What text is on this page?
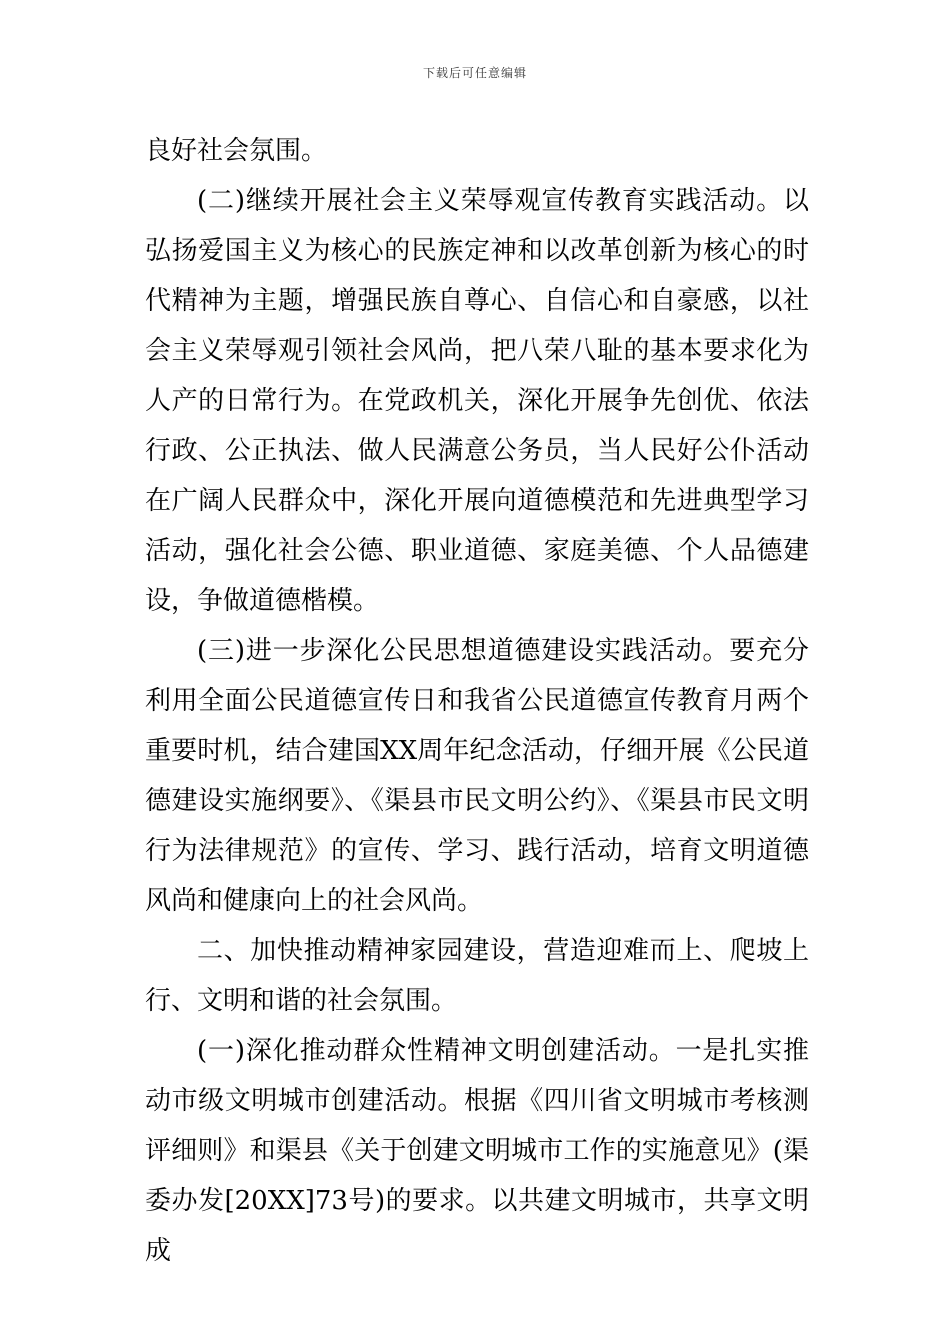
下载后可任意编辑

良好社会氛围。

(二)继续开展社会主义荣辱观宣传教育实践活动。以弘扬爱国主义为核心的民族定神和以改革创新为核心的时代精神为主题，增强民族自尊心、自信心和自豪感，以社会主义荣辱观引领社会风尚，把八荣八耻的基本要求化为人产的日常行为。在党政机关，深化开展争先创优、依法行政、公正执法、做人民满意公务员，当人民好公仆活动在广阔人民群众中，深化开展向道德模范和先进典型学习活动，强化社会公德、职业道德、家庭美德、个人品德建设，争做道德楷模。

(三)进一步深化公民思想道德建设实践活动。要充分利用全面公民道德宣传日和我省公民道德宣传教育月两个重要时机，结合建国XX周年纪念活动，仔细开展《公民道德建设实施纲要》、《渠县市民文明公约》、《渠县市民文明行为法律规范》的宣传、学习、践行活动，培育文明道德风尚和健康向上的社会风尚。

二、加快推动精神家园建设，营造迎难而上、爬坡上行、文明和谐的社会氛围。

(一)深化推动群众性精神文明创建活动。一是扎实推动市级文明城市创建活动。根据《四川省文明城市考核测评细则》和渠县《关于创建文明城市工作的实施意见》(渠委办发[20XX]73号)的要求。以共建文明城市，共享文明成
